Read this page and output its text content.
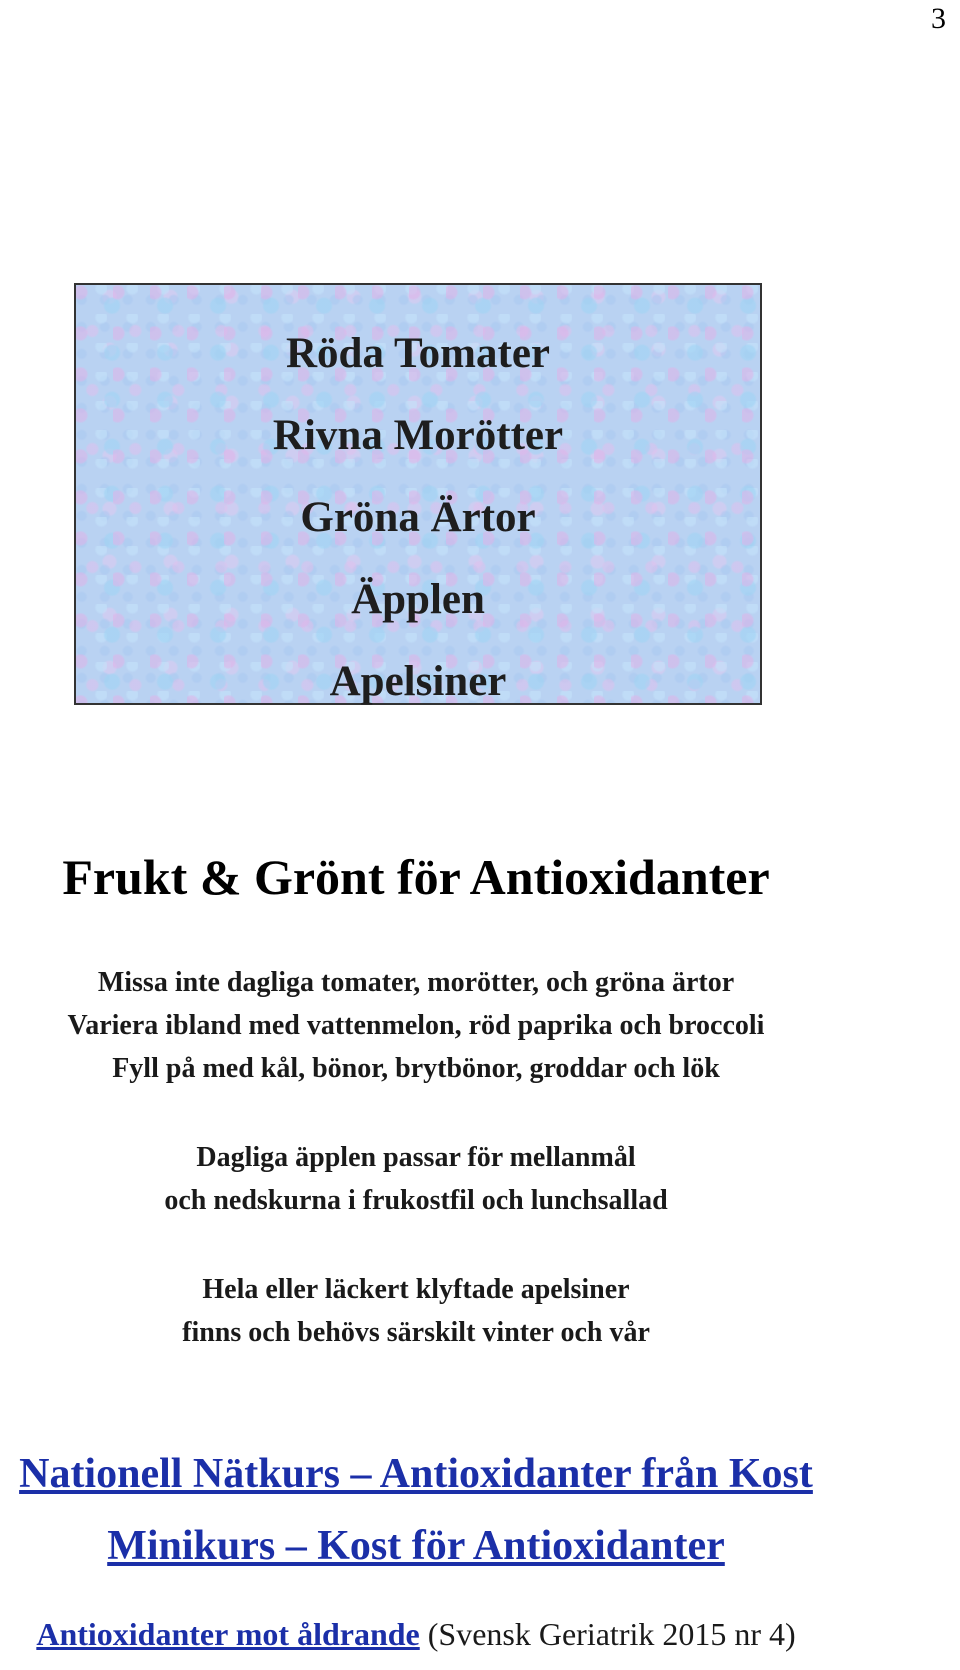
3
Röda Tomater
Rivna Morötter
Gröna Ärtor
Äpplen
Apelsiner
Frukt & Grönt för Antioxidanter

Missa inte dagliga tomater, morötter, och gröna ärtor

Variera ibland med vattenmelon, röd paprika och broccoli

Fyll på med kål, bönor, brytbönor, groddar och lök

Dagliga äpplen passar för mellanmål

och nedskurna i frukostfil och lunchsallad

Hela eller läckert klyftade apelsiner

finns och behövs särskilt vinter och vår

Nationell Nätkurs – Antioxidanter från Kost

Minikurs – Kost för Antioxidanter

Antioxidanter mot åldrande (Svensk Geriatrik 2015 nr 4)
